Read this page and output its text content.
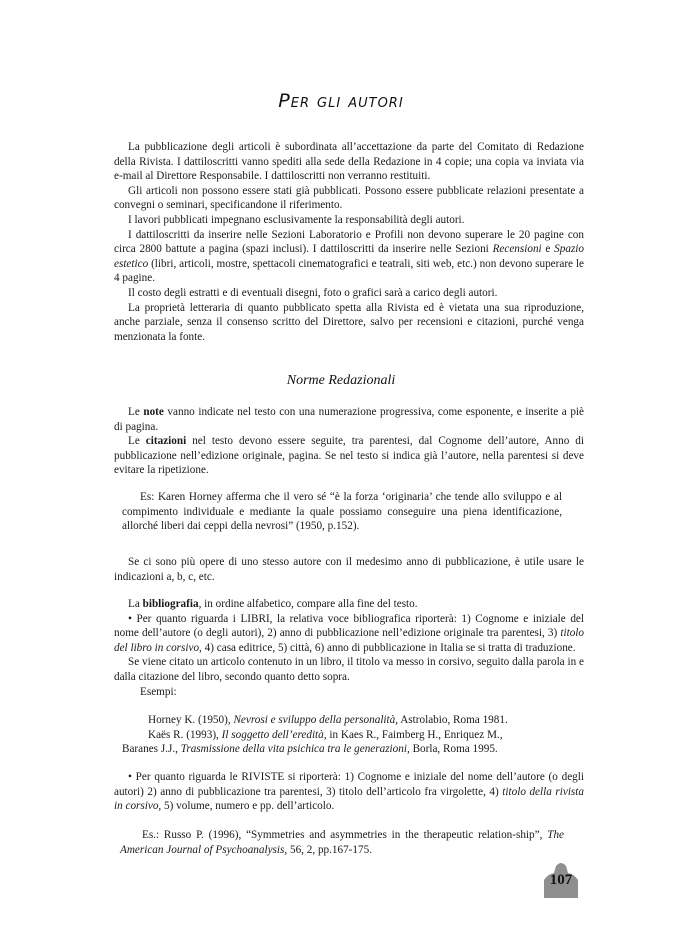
Per gli autori

La pubblicazione degli articoli è subordinata all’accettazione da parte del Comitato di Redazione della Rivista. I dattiloscritti vanno spediti alla sede della Redazione in 4 copie; una copia va inviata via e-mail al Direttore Responsabile. I dattiloscritti non verranno restituiti.

Gli articoli non possono essere stati già pubblicati. Possono essere pubblicate relazioni presentate a convegni o seminari, specificandone il riferimento.

I lavori pubblicati impegnano esclusivamente la responsabilità degli autori.

I dattiloscritti da inserire nelle Sezioni Laboratorio e Profili non devono superare le 20 pagine con circa 2800 battute a pagina (spazi inclusi). I dattiloscritti da inserire nelle Sezioni Recensioni e Spazio estetico (libri, articoli, mostre, spettacoli cinematografici e teatrali, siti web, etc.) non devono superare le 4 pagine.

Il costo degli estratti e di eventuali disegni, foto o grafici sarà a carico degli autori.

La proprietà letteraria di quanto pubblicato spetta alla Rivista ed è vietata una sua riproduzione, anche parziale, senza il consenso scritto del Direttore, salvo per recensioni e citazioni, purché venga menzionata la fonte.

Norme Redazionali

Le note vanno indicate nel testo con una numerazione progressiva, come esponente, e inserite a piè di pagina.

Le citazioni nel testo devono essere seguite, tra parentesi, dal Cognome dell’autore, Anno di pubblicazione nell’edizione originale, pagina. Se nel testo si indica già l’autore, nella parentesi si deve evitare la ripetizione.

Es: Karen Horney afferma che il vero sé “è la forza ‘originaria’ che tende allo sviluppo e al compimento individuale e mediante la quale possiamo conseguire una piena identificazione, allorché liberi dai ceppi della nevrosi” (1950, p.152).

Se ci sono più opere di uno stesso autore con il medesimo anno di pubblicazione, è utile usare le indicazioni a, b, c, etc.

La bibliografia, in ordine alfabetico, compare alla fine del testo.

• Per quanto riguarda i LIBRI, la relativa voce bibliografica riporterà: 1) Cognome e iniziale del nome dell’autore (o degli autori), 2) anno di pubblicazione nell’edizione originale tra parentesi, 3) titolo del libro in corsivo, 4) casa editrice, 5) città, 6) anno di pubblicazione in Italia se si tratta di traduzione.

Se viene citato un articolo contenuto in un libro, il titolo va messo in corsivo, seguito dalla parola in e dalla citazione del libro, secondo quanto detto sopra.

Esempi:

Horney K. (1950), Nevrosi e sviluppo della personalità, Astrolabio, Roma 1981.
Kaës R. (1993), Il soggetto dell’eredità, in Kaes R., Faimberg H., Enriquez M.,
Baranes J.J., Trasmissione della vita psichica tra le generazioni, Borla, Roma 1995.

• Per quanto riguarda le RIVISTE si riporterà: 1) Cognome e iniziale del nome dell’autore (o degli autori) 2) anno di pubblicazione tra parentesi, 3) titolo dell’articolo fra virgolette, 4) titolo della rivista in corsivo, 5) volume, numero e pp. dell’articolo.

Es.: Russo P. (1996), “Symmetries and asymmetries in the therapeutic relation-ship”, The American Journal of Psychoanalysis, 56, 2, pp.167-175.
107
